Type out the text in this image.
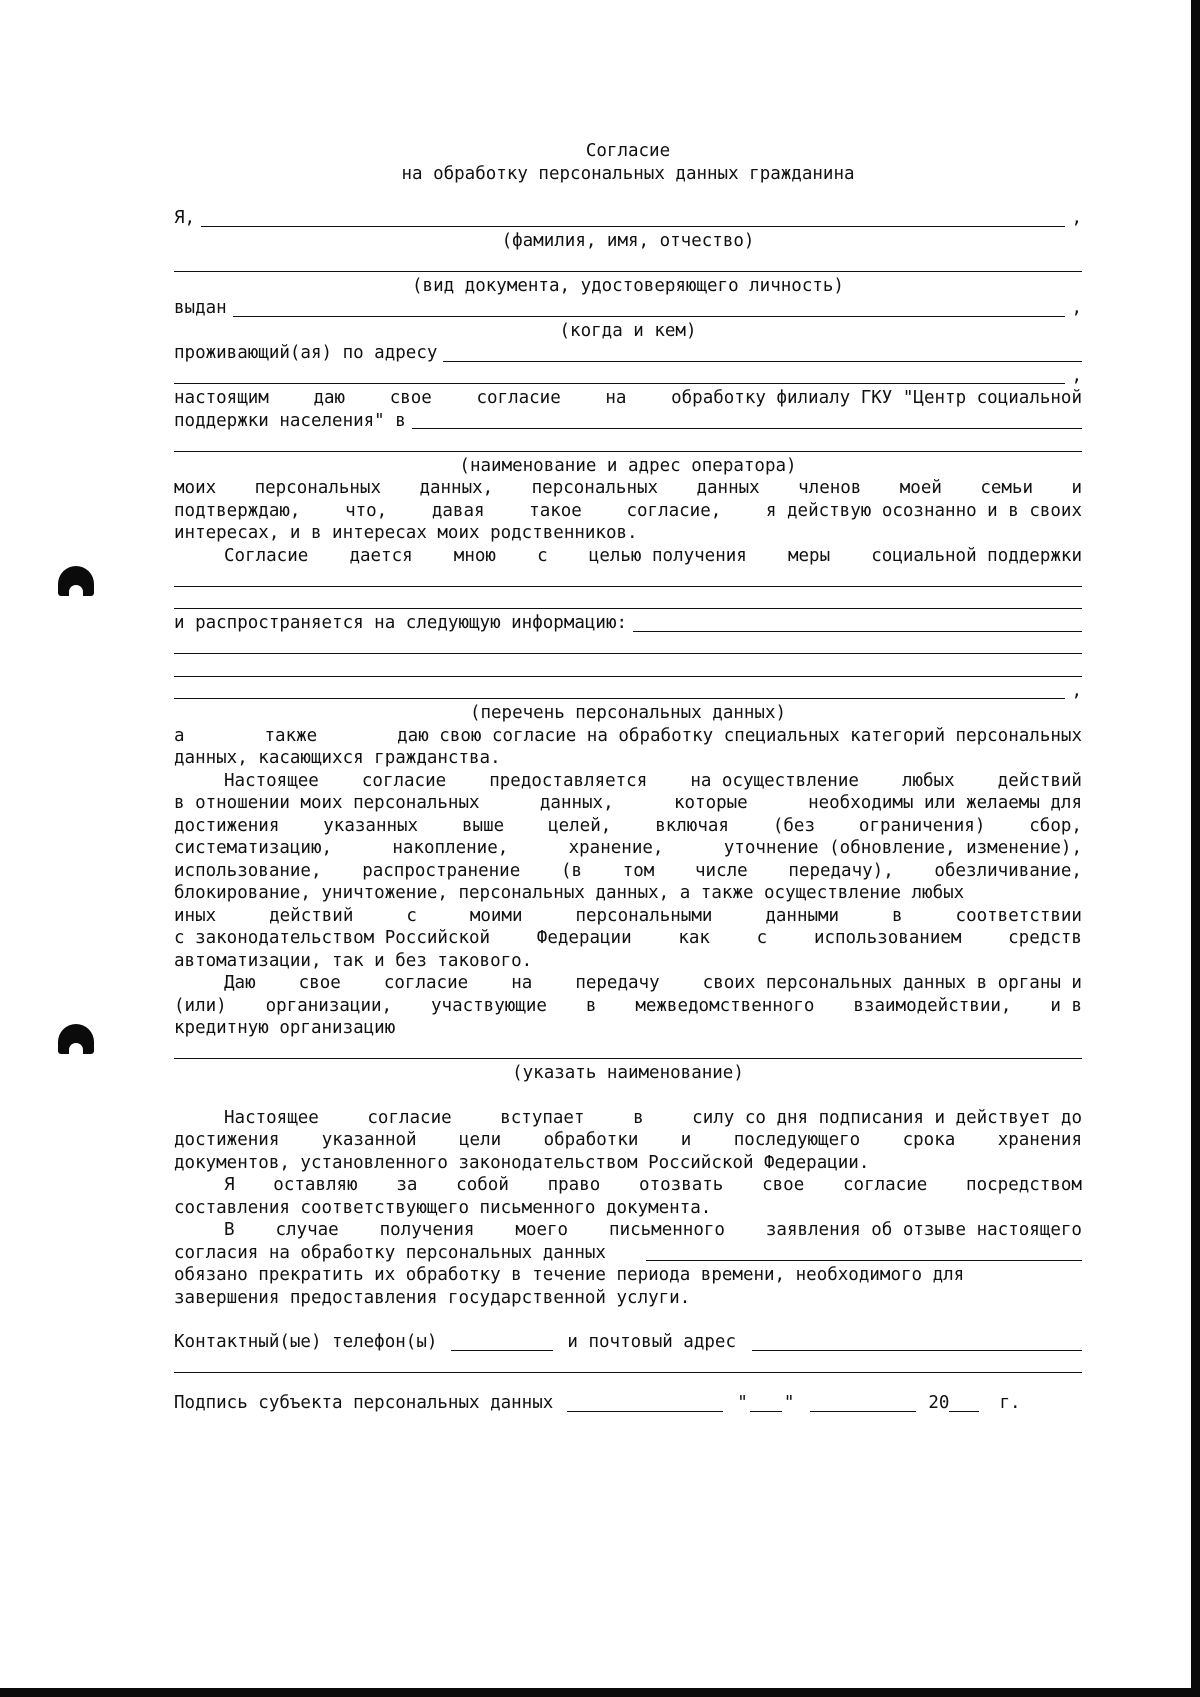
Согласие
на обработку персональных данных гражданина
Я,	,
(фамилия, имя, отчество)
(вид документа, удостоверяющего личность)
выдан	,
(когда и кем)
проживающий(ая) по адресу
,
настоящим	даю	свое	согласие	на	обработку филиалу ГКУ "Центр социальной
поддержки населения" в
(наименование и адрес оператора)
моих персональных данных, персональных данных членов моей семьи и
подтверждаю,	что,	давая	такое	согласие,	я действую осознанно и в своих
интересах, и в интересах моих родственников.
Согласие дается мною с целью получения меры социальной поддержки
и распространяется на следующую информацию:
,
(перечень персональных данных)
а	также	даю свою согласие на обработку специальных категорий персональных
данных, касающихся гражданства.
Настоящее согласие предоставляется на осуществление любых действий
в отношении моих персональных	данных,	которые	необходимы или желаемы для
достижения	указанных	выше	целей,	включая	(без	ограничения)	сбор,
систематизацию,	накопление,	хранение,	уточнение (обновление, изменение),
использование, распространение (в том числе передачу), обезличивание,
блокирование, уничтожение, персональных данных, а также осуществление любых
иных	действий	с	моими	персональными	данными	в	соответствии
с законодательством Российской	Федерации	как	с	использованием	средств
автоматизации, так и без такового.
Даю свое согласие на передачу своих персональных данных в органы и
(или) организации, участвующие в межведомственного взаимодействии, и в
кредитную организацию
(указать наименование)
Настоящее	согласие	вступает	в	силу со дня подписания и действует до
достижения указанной цели обработки и последующего срока хранения
документов, установленного законодательством Российской Федерации.
Я оставляю за собой право отозвать свое согласие посредством
составления соответствующего письменного документа.
В случае получения моего письменного заявления об отзыве настоящего
согласия на обработку персональных данных
обязано прекратить их обработку в течение периода времени, необходимого для
завершения предоставления государственной услуги.
Контактный(ые) телефон(ы)	и почтовый адрес
Подпись субъекта персональных данных	" "	20	г.
